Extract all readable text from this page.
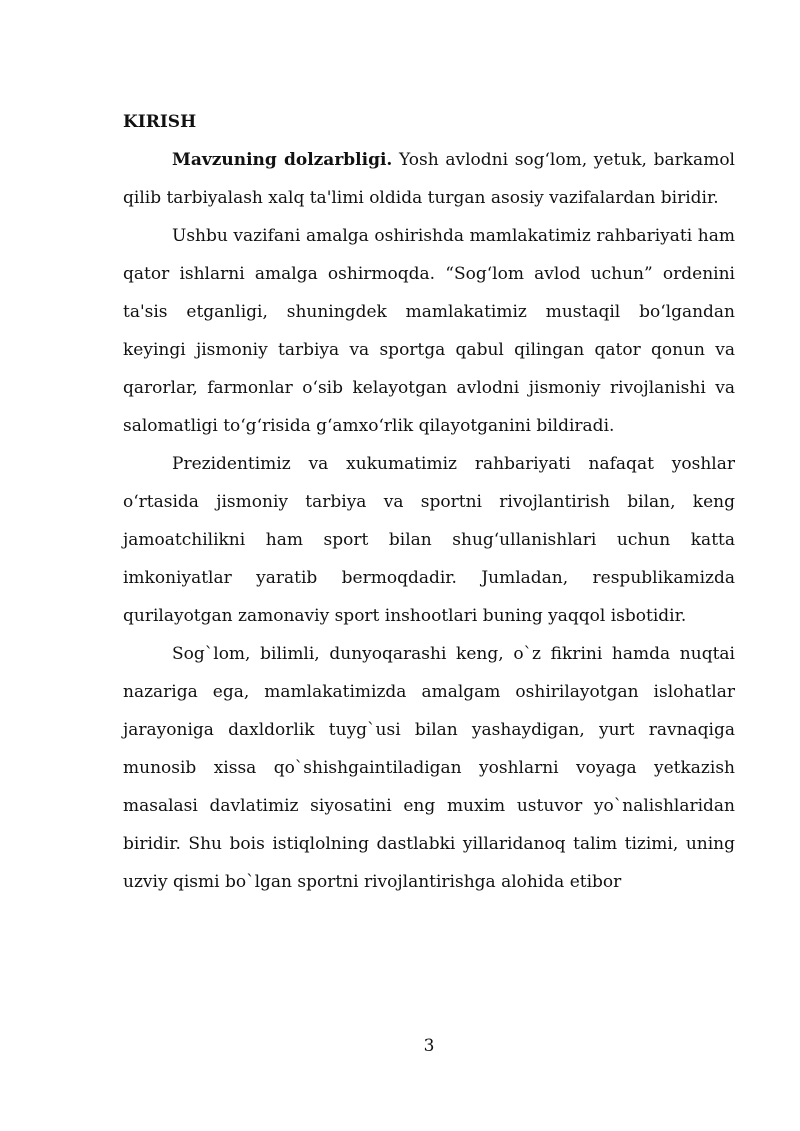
KIRISH

Mavzuning dolzarbligi. Yosh avlodni sog‘lom, yetuk, barkamol qilib tarbiyalash xalq ta'limi oldida turgan asosiy vazifalardan biridir.

Ushbu vazifani amalga oshirishda mamlakatimiz rahbariyati ham qator ishlarni amalga oshirmoqda. “Sog‘lom avlod uchun” ordenini ta'sis etganligi, shuningdek mamlakatimiz mustaqil bo‘lgandan keyingi jismoniy tarbiya va sportga qabul qilingan qator qonun va qarorlar, farmonlar o‘sib kelayotgan avlodni jismoniy rivojlanishi va salomatligi to‘g‘risida g‘amxo‘rlik qilayotganini bildiradi.

Prezidentimiz va xukumatimiz rahbariyati nafaqat yoshlar o‘rtasida jismoniy tarbiya va sportni rivojlantirish bilan, keng jamoatchilikni ham sport bilan shug‘ullanishlari uchun katta imkoniyatlar yaratib bermoqdadir. Jumladan, respublikamizda qurilayotgan zamonaviy sport inshootlari buning yaqqol isbotidir.

Sog`lom, bilimli, dunyoqarashi keng, o`z fikrini hamda nuqtai nazariga ega, mamlakatimizda amalgam oshirilayotgan islohatlar jarayoniga daxldorlik tuyg`usi bilan yashaydigan, yurt ravnaqiga munosib xissa qo`shishgaintiladigan yoshlarni voyaga yetkazish masalasi davlatimiz siyosatini eng muxim ustuvor yo`nalishlaridan biridir. Shu bois istiqlolning dastlabki yillaridanoq talim tizimi, uning uzviy qismi bo`lgan sportni rivojlantirishga alohida etibor

3
